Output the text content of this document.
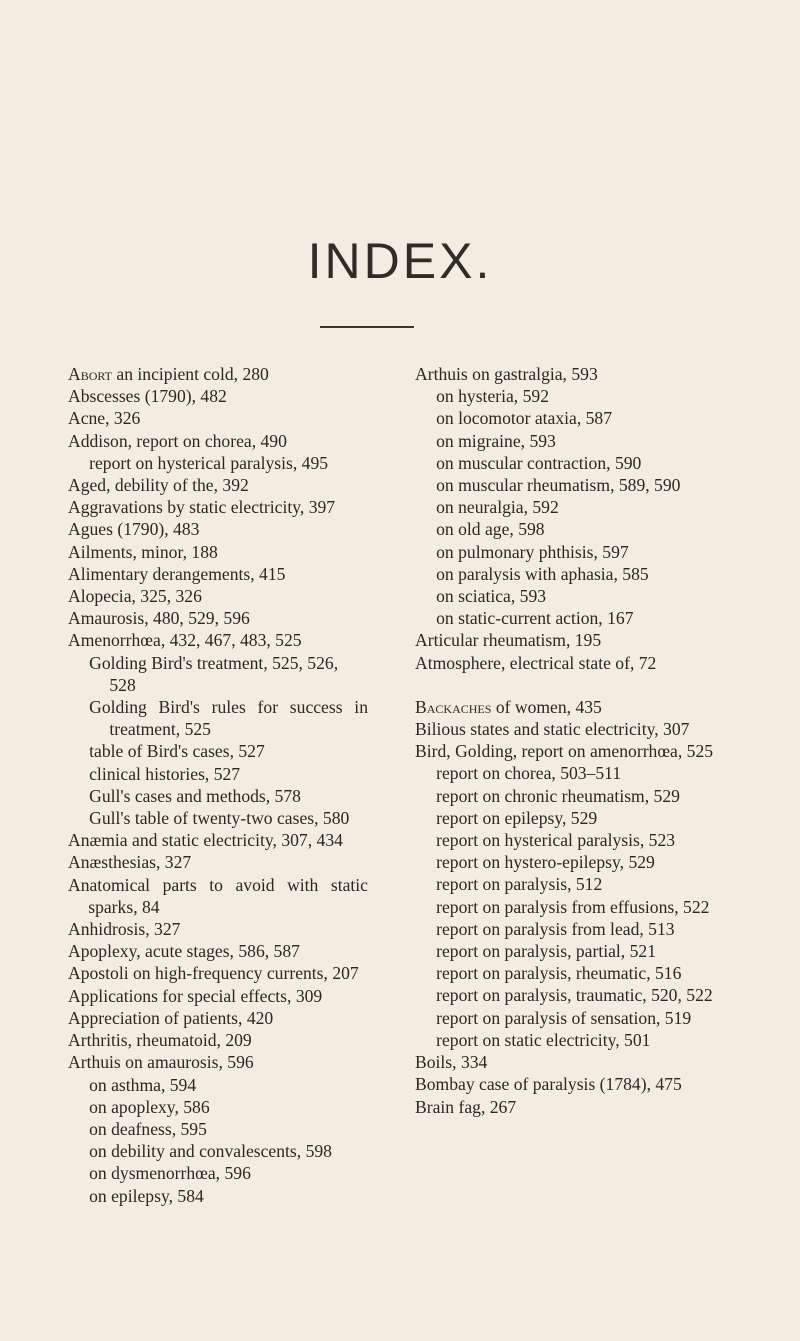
INDEX.

Abort an incipient cold, 280

Abscesses (1790), 482

Acne, 326

Addison, report on chorea, 490

report on hysterical paralysis, 495

Aged, debility of the, 392

Aggravations by static electricity, 397

Agues (1790), 483

Ailments, minor, 188

Alimentary derangements, 415

Alopecia, 325, 326

Amaurosis, 480, 529, 596

Amenorrhœa, 432, 467, 483, 525

Golding Bird's treatment, 525, 526, 528

Golding Bird's rules for success in treatment, 525

table of Bird's cases, 527

clinical histories, 527

Gull's cases and methods, 578

Gull's table of twenty-two cases, 580

Anæmia and static electricity, 307, 434

Anæsthesias, 327

Anatomical parts to avoid with static sparks, 84

Anhidrosis, 327

Apoplexy, acute stages, 586, 587

Apostoli on high-frequency currents, 207

Applications for special effects, 309

Appreciation of patients, 420

Arthritis, rheumatoid, 209

Arthuis on amaurosis, 596

on asthma, 594

on apoplexy, 586

on deafness, 595

on debility and convalescents, 598

on dysmenorrhœa, 596

on epilepsy, 584

Arthuis on gastralgia, 593

on hysteria, 592

on locomotor ataxia, 587

on migraine, 593

on muscular contraction, 590

on muscular rheumatism, 589, 590

on neuralgia, 592

on old age, 598

on pulmonary phthisis, 597

on paralysis with aphasia, 585

on sciatica, 593

on static-current action, 167

Articular rheumatism, 195

Atmosphere, electrical state of, 72

Backaches of women, 435

Bilious states and static electricity, 307

Bird, Golding, report on amenorrhœa, 525

report on chorea, 503–511

report on chronic rheumatism, 529

report on epilepsy, 529

report on hysterical paralysis, 523

report on hystero-epilepsy, 529

report on paralysis, 512

report on paralysis from effusions, 522

report on paralysis from lead, 513

report on paralysis, partial, 521

report on paralysis, rheumatic, 516

report on paralysis, traumatic, 520, 522

report on paralysis of sensation, 519

report on static electricity, 501

Boils, 334

Bombay case of paralysis (1784), 475

Brain fag, 267
